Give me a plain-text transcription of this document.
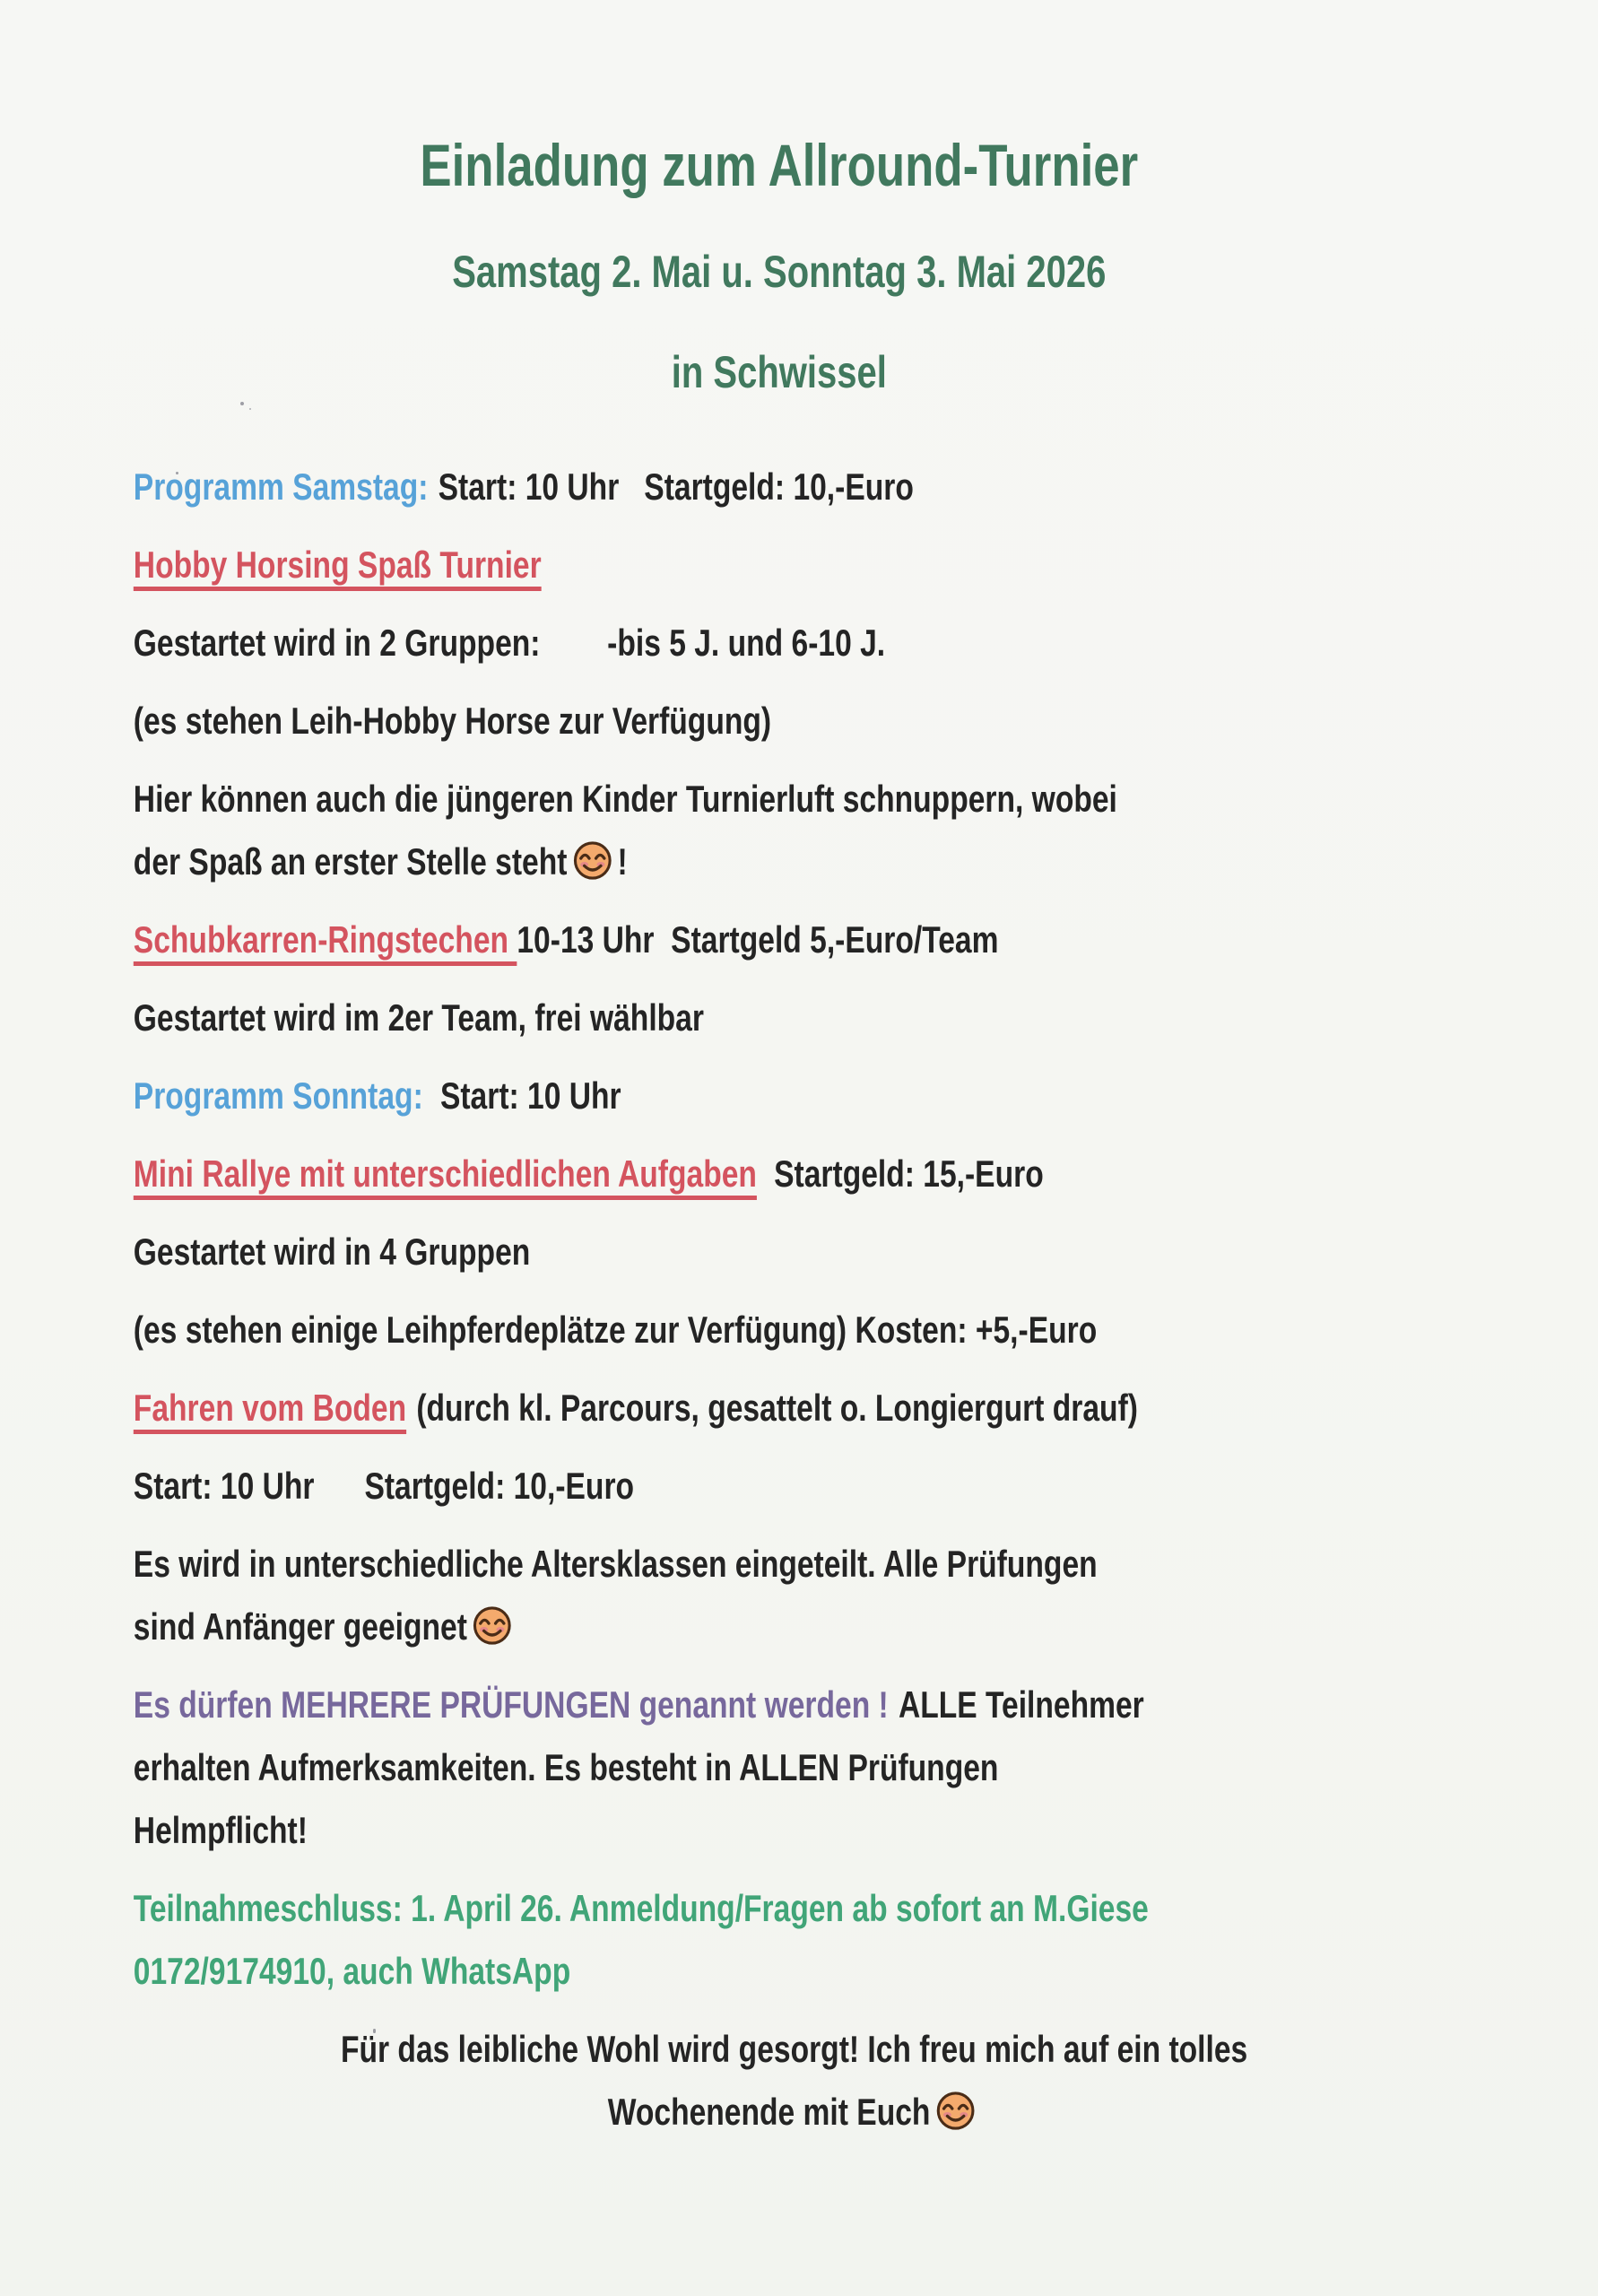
Einladung zum Allround-Turnier
Samstag 2. Mai u. Sonntag 3. Mai 2026
in Schwissel
Programm Samstag: Start: 10 Uhr   Startgeld: 10,-Euro
Hobby Horsing Spaß Turnier
Gestartet wird in 2 Gruppen:        -bis 5 J. und 6-10 J.
(es stehen Leih-Hobby Horse zur Verfügung)
Hier können auch die jüngeren Kinder Turnierluft schnuppern, wobei
der Spaß an erster Stelle steht !
Schubkarren-Ringstechen 10-13 Uhr  Startgeld 5,-Euro/Team
Gestartet wird im 2er Team, frei wählbar
Programm Sonntag: Start: 10 Uhr
Mini Rallye mit unterschiedlichen Aufgaben Startgeld: 15,-Euro
Gestartet wird in 4 Gruppen
(es stehen einige Leihpferdeplätze zur Verfügung) Kosten: +5,-Euro
Fahren vom Boden (durch kl. Parcours, gesattelt o. Longiergurt drauf)
Start: 10 Uhr      Startgeld: 10,-Euro
Es wird in unterschiedliche Altersklassen eingeteilt. Alle Prüfungen
sind Anfänger geeignet
Es dürfen MEHRERE PRÜFUNGEN genannt werden ! ALLE Teilnehmer
erhalten Aufmerksamkeiten. Es besteht in ALLEN Prüfungen
Helmpflicht!
Teilnahmeschluss: 1. April 26. Anmeldung/Fragen ab sofort an M.Giese
0172/9174910, auch WhatsApp
Für das leibliche Wohl wird gesorgt! Ich freu mich auf ein tolles
Wochenende mit Euch
